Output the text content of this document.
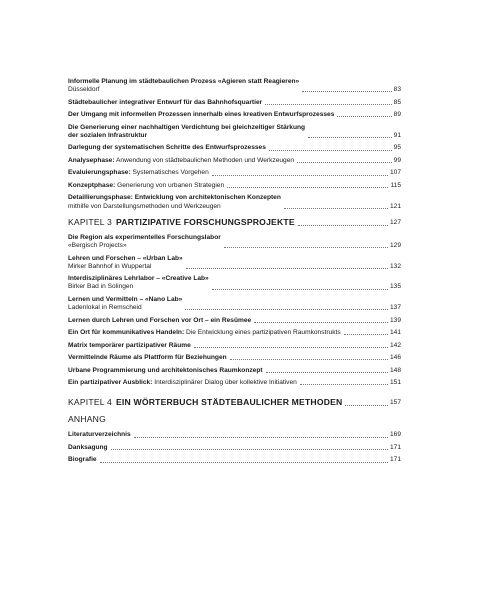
Informelle Planung im städtebaulichen Prozess «Agieren statt Reagieren»
Düsseldorf	83
Städtebaulicher integrativer Entwurf für das Bahnhofsquartier	85
Der Umgang mit informellen Prozessen innerhalb eines kreativen Entwurfsprozesses	89
Die Generierung einer nachhaltigen Verdichtung bei gleichzeitiger Stärkung
der sozialen Infrastruktur	91
Darlegung der systematischen Schritte des Entwurfsprozesses	95
Analysephase: Anwendung von städtebaulichen Methoden und Werkzeugen	99
Evaluierungsphase: Systematisches Vorgehen	107
Konzeptphase: Generierung von urbanen Strategien	115
Detaillierungsphase: Entwicklung von architektonischen Konzepten
mithilfe von Darstellungsmethoden und Werkzeugen	121
KAPITEL 3 PARTIZIPATIVE FORSCHUNGSPROJEKTE	127
Die Region als experimentelles Forschungslabor
«Bergisch Projects»	129
Lehren und Forschen – «Urban Lab»
Mirker Bahnhof in Wuppertal	132
Interdisziplinäres Lehrlabor – «Creative Lab»
Birker Bad in Solingen	135
Lernen und Vermitteln – «Nano Lab»
Ladenlokal in Remscheid	137
Lernen durch Lehren und Forschen vor Ort – ein Resümee	139
Ein Ort für kommunikatives Handeln: Die Entwicklung eines partizipativen Raumkonstrukts	141
Matrix temporärer partizipativer Räume	142
Vermittelnde Räume als Plattform für Beziehungen	146
Urbane Programmierung und architektonisches Raumkonzept	148
Ein partizipativer Ausblick: Interdisziplinärer Dialog über kollektive Initiativen	151
KAPITEL 4 EIN WÖRTERBUCH STÄDTEBAULICHER METHODEN	157
ANHANG
Literaturverzeichnis	169
Danksagung	171
Biografie	171
